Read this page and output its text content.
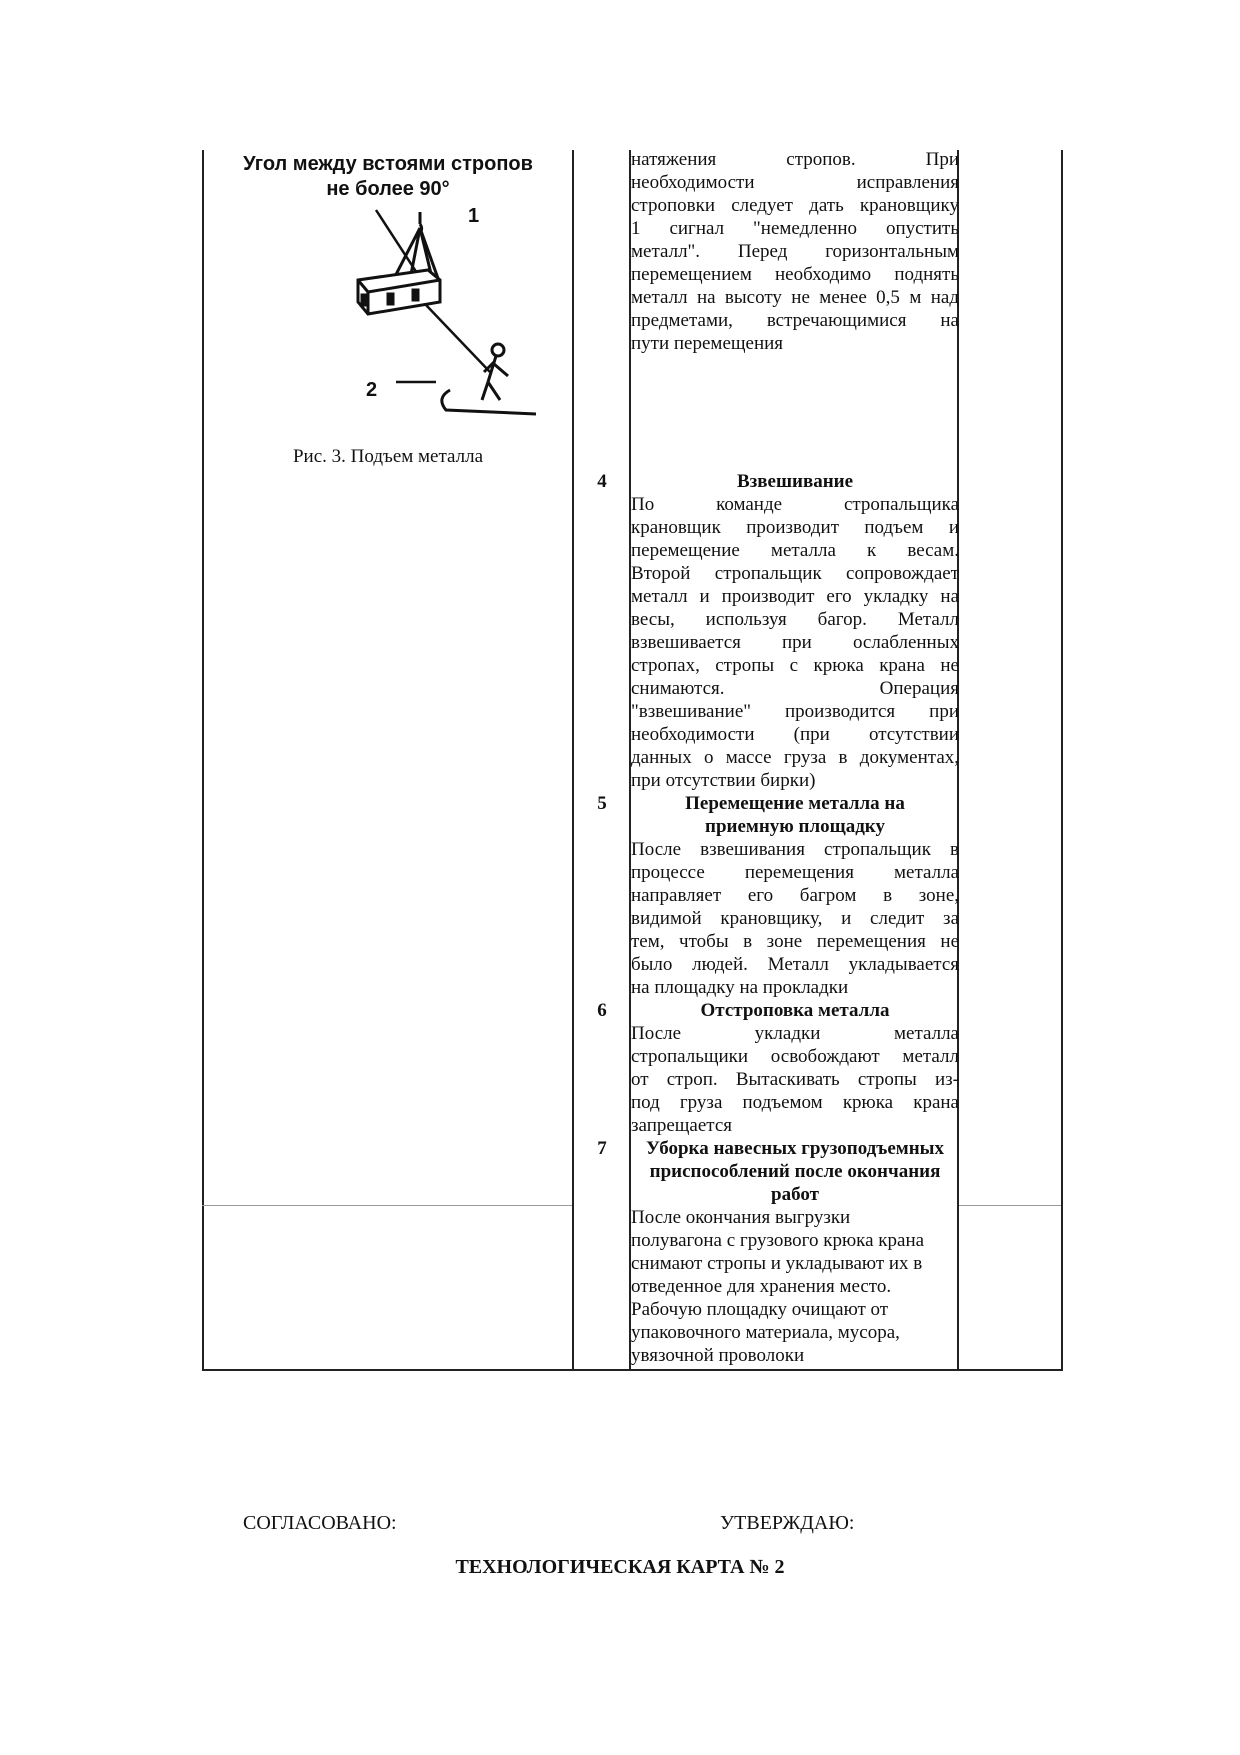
Угол между встоями стропов
не более 90°
1
2
Рис. 3. Подъем металла
натяжения стропов. При
необходимости исправления
строповки следует дать крановщику
1 сигнал "немедленно опустить
металл". Перед горизонтальным
перемещением необходимо поднять
металл на высоту не менее 0,5 м над
предметами, встречающимися на
пути перемещения
4	Взвешивание
По команде стропальщика
крановщик производит подъем и
перемещение металла к весам.
Второй стропальщик сопровождает
металл и производит его укладку на
весы, используя багор. Металл
взвешивается при ослабленных
стропах, стропы с крюка крана не
снимаются. Операция
"взвешивание" производится при
необходимости (при отсутствии
данных о массе груза в документах,
при отсутствии бирки)
5	Перемещение металла на
приемную площадку
После взвешивания стропальщик в
процессе перемещения металла
направляет его багром в зоне,
видимой крановщику, и следит за
тем, чтобы в зоне перемещения не
было людей. Металл укладывается
на площадку на прокладки
6	Отстроповка металла
После укладки металла
стропальщики освобождают металл
от строп. Вытаскивать стропы из-
под груза подъемом крюка крана
запрещается
7	Уборка навесных грузоподъемных
приспособлений после окончания
работ
После окончания выгрузки
полувагона с грузового крюка крана
снимают стропы и укладывают их в
отведенное для хранения место.
Рабочую площадку очищают от
упаковочного материала, мусора,
увязочной проволоки
СОГЛАСОВАНО:	УТВЕРЖДАЮ:
ТЕХНОЛОГИЧЕСКАЯ КАРТА № 2
